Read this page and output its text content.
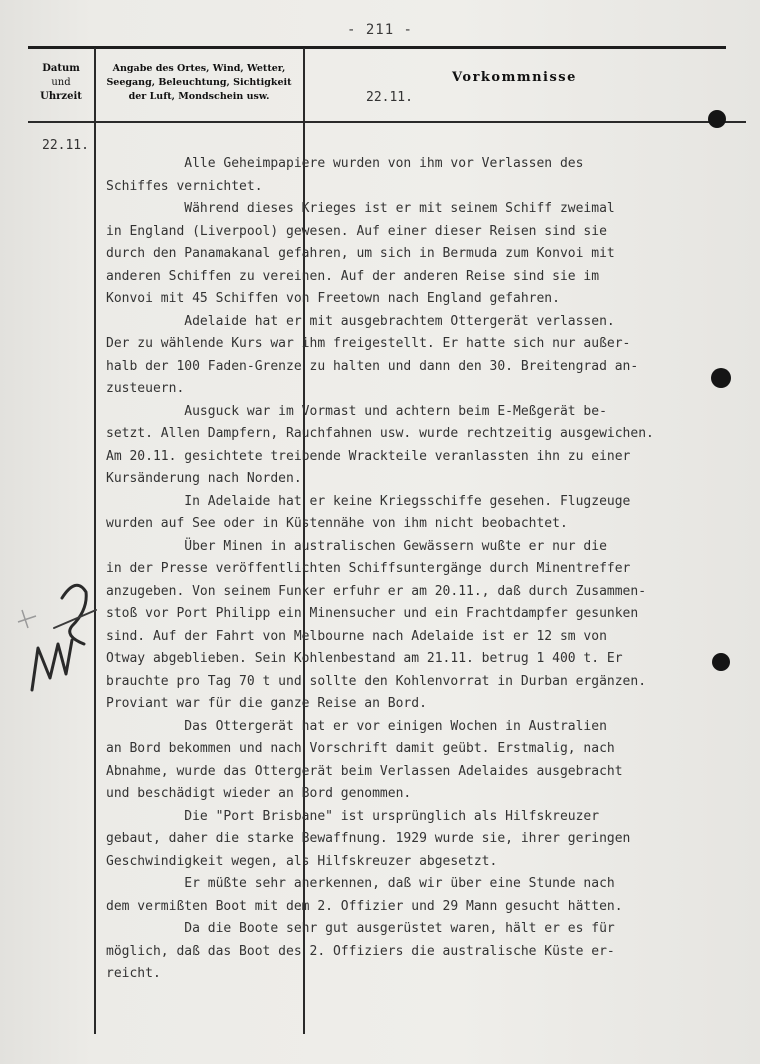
- 211 -
Datum
und
Uhrzeit
Angabe des Ortes, Wind, Wetter,
Seegang, Beleuchtung, Sichtigkeit
der Luft, Mondschein usw.
Vorkommnisse
22.11.
22.11.
Alle Geheimpapiere wurden von ihm vor Verlassen des
Schiffes vernichtet.
Während dieses Krieges ist er mit seinem Schiff zweimal
in England (Liverpool) gewesen. Auf einer dieser Reisen sind sie
durch den Panamakanal gefahren, um sich in Bermuda zum Konvoi mit
anderen Schiffen zu vereinen. Auf der anderen Reise sind sie im
Konvoi mit 45 Schiffen von Freetown nach England gefahren.
Adelaide hat er mit ausgebrachtem Ottergerät verlassen.
Der zu wählende Kurs war ihm freigestellt. Er hatte sich nur außer-
halb der 100 Faden-Grenze zu halten und dann den 30. Breitengrad an-
zusteuern.
Ausguck war im Vormast und achtern beim E-Meßgerät be-
setzt. Allen Dampfern, Rauchfahnen usw. wurde rechtzeitig ausgewichen.
Am 20.11. gesichtete treibende Wrackteile veranlassten ihn zu einer
Kursänderung nach Norden.
In Adelaide hat er keine Kriegsschiffe gesehen. Flugzeuge
wurden auf See oder in Küstennähe von ihm nicht beobachtet.
Über Minen in australischen Gewässern wußte er nur die
in der Presse veröffentlichten Schiffsuntergänge durch Minentreffer
anzugeben. Von seinem Funker erfuhr er am 20.11., daß durch Zusammen-
stoß vor Port Philipp ein Minensucher und ein Frachtdampfer gesunken
sind. Auf der Fahrt von Melbourne nach Adelaide ist er 12 sm von
Otway abgeblieben. Sein Kohlenbestand am 21.11. betrug 1 400 t. Er
brauchte pro Tag 70 t und sollte den Kohlenvorrat in Durban ergänzen.
Proviant war für die ganze Reise an Bord.
Das Ottergerät hat er vor einigen Wochen in Australien
an Bord bekommen und nach Vorschrift damit geübt. Erstmalig, nach
Abnahme, wurde das Ottergerät beim Verlassen Adelaides ausgebracht
und beschädigt wieder an Bord genommen.
Die "Port Brisbane" ist ursprünglich als Hilfskreuzer
gebaut, daher die starke Bewaffnung. 1929 wurde sie, ihrer geringen
Geschwindigkeit wegen, als Hilfskreuzer abgesetzt.
Er müßte sehr anerkennen, daß wir über eine Stunde nach
dem vermißten Boot mit dem 2. Offizier und 29 Mann gesucht hätten.
Da die Boote sehr gut ausgerüstet waren, hält er es für
möglich, daß das Boot des 2. Offiziers die australische Küste er-
reicht.
